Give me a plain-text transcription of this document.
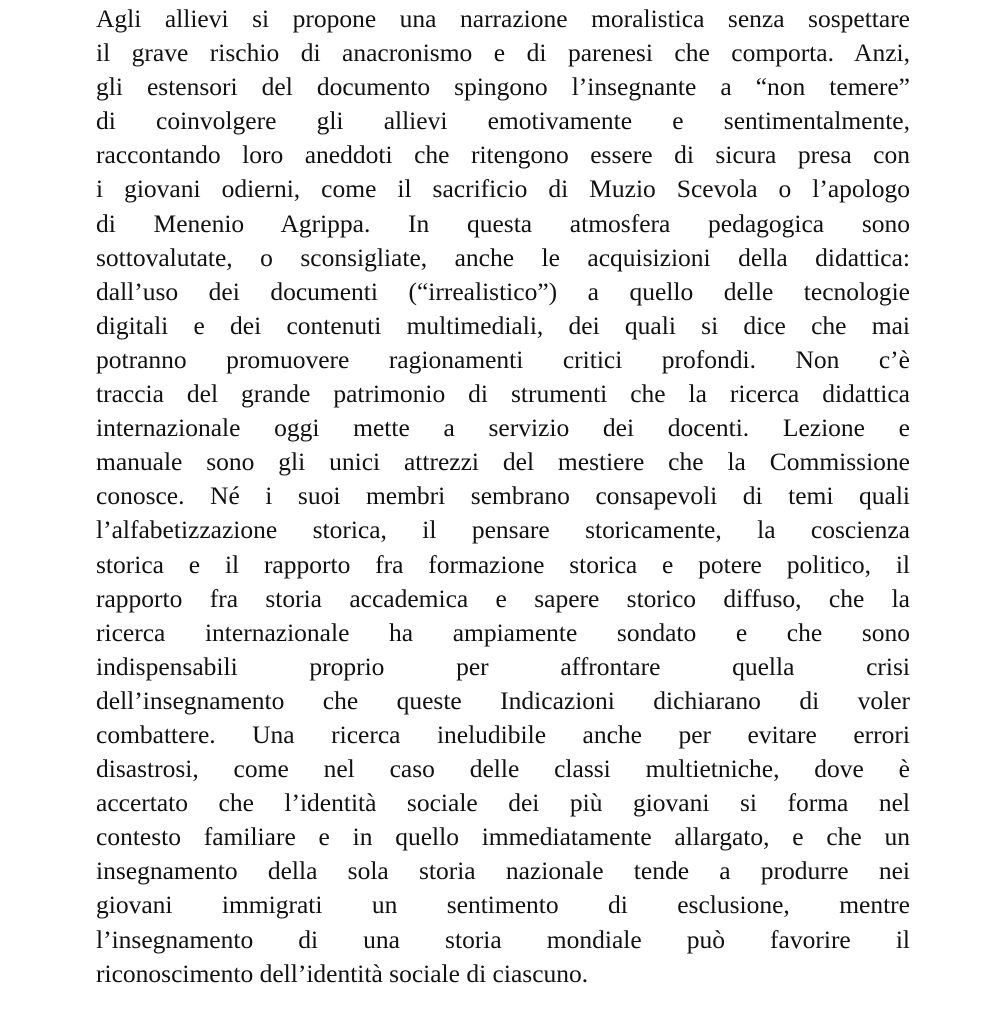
Agli allievi si propone una narrazione moralistica senza sospettare
il grave rischio di anacronismo e di parenesi che comporta. Anzi,
gli estensori del documento spingono l’insegnante a “non temere”
di coinvolgere gli allievi emotivamente e sentimentalmente,
raccontando loro aneddoti che ritengono essere di sicura presa con
i giovani odierni, come il sacrificio di Muzio Scevola o l’apologo
di Menenio Agrippa. In questa atmosfera pedagogica sono
sottovalutate, o sconsigliate, anche le acquisizioni della didattica:
dall’uso dei documenti (“irrealistico”) a quello delle tecnologie
digitali e dei contenuti multimediali, dei quali si dice che mai
potranno promuovere ragionamenti critici profondi. Non c’è
traccia del grande patrimonio di strumenti che la ricerca didattica
internazionale oggi mette a servizio dei docenti. Lezione e
manuale sono gli unici attrezzi del mestiere che la Commissione
conosce. Né i suoi membri sembrano consapevoli di temi quali
l’alfabetizzazione storica, il pensare storicamente, la coscienza
storica e il rapporto fra formazione storica e potere politico, il
rapporto fra storia accademica e sapere storico diffuso, che la
ricerca internazionale ha ampiamente sondato e che sono
indispensabili proprio per affrontare quella crisi
dell’insegnamento che queste Indicazioni dichiarano di voler
combattere. Una ricerca ineludibile anche per evitare errori
disastrosi, come nel caso delle classi multietniche, dove è
accertato che l’identità sociale dei più giovani si forma nel
contesto familiare e in quello immediatamente allargato, e che un
insegnamento della sola storia nazionale tende a produrre nei
giovani immigrati un sentimento di esclusione, mentre
l’insegnamento di una storia mondiale può favorire il
riconoscimento dell’identità sociale di ciascuno.
